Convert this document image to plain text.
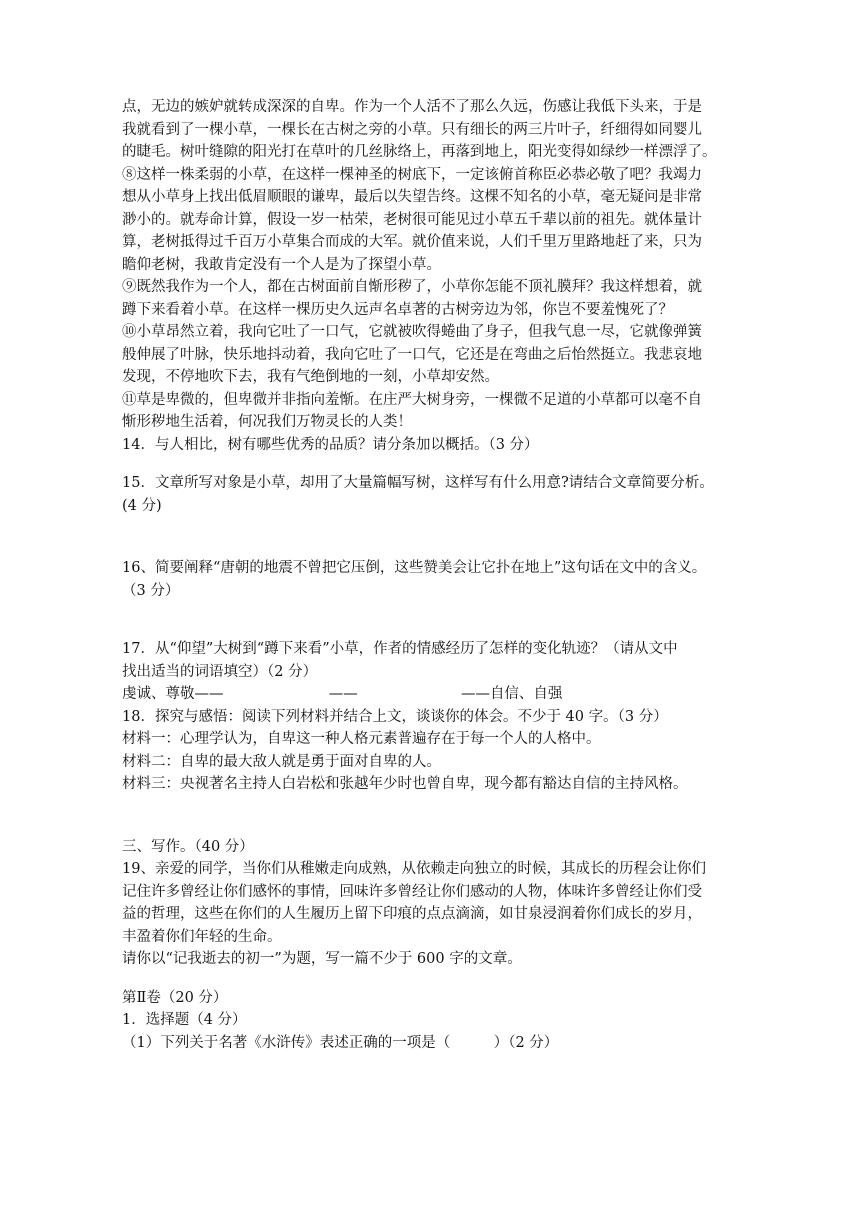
点，无边的嫉妒就转成深深的自卑。作为一个人活不了那么久远，伤感让我低下头来，于是
我就看到了一棵小草，一棵长在古树之旁的小草。只有细长的两三片叶子，纤细得如同婴儿
的睫毛。树叶缝隙的阳光打在草叶的几丝脉络上，再落到地上，阳光变得如绿纱一样漂浮了。
⑧这样一株柔弱的小草，在这样一棵神圣的树底下，一定该俯首称臣必恭必敬了吧？我竭力
想从小草身上找出低眉顺眼的谦卑，最后以失望告终。这棵不知名的小草，毫无疑问是非常
渺小的。就寿命计算，假设一岁一枯荣，老树很可能见过小草五千辈以前的祖先。就体量计
算，老树抵得过千百万小草集合而成的大军。就价值来说，人们千里万里路地赶了来，只为
瞻仰老树，我敢肯定没有一个人是为了探望小草。
⑨既然我作为一个人，都在古树面前自惭形秽了，小草你怎能不顶礼膜拜？我这样想着，就
蹲下来看着小草。在这样一棵历史久远声名卓著的古树旁边为邻，你岂不要羞愧死了？
⑩小草昂然立着，我向它吐了一口气，它就被吹得蜷曲了身子，但我气息一尽，它就像弹簧
般伸展了叶脉，快乐地抖动着，我向它吐了一口气，它还是在弯曲之后怡然挺立。我悲哀地
发现，不停地吹下去，我有气绝倒地的一刻，小草却安然。
⑪草是卑微的，但卑微并非指向羞惭。在庄严大树身旁，一棵微不足道的小草都可以毫不自
惭形秽地生活着，何况我们万物灵长的人类！
14．与人相比，树有哪些优秀的品质？请分条加以概括。（3 分）
15．文章所写对象是小草，却用了大量篇幅写树，这样写有什么用意?请结合文章简要分析。
(4 分)
16、简要阐释“唐朝的地震不曾把它压倒，这些赞美会让它扑在地上”这句话在文中的含义。
（3 分）
17．从“仰望”大树到“蹲下来看”小草，作者的情感经历了怎样的变化轨迹？（请从文中
找出适当的词语填空）（2 分）
虔诚、尊敬——	——	——自信、自强
18．探究与感悟：阅读下列材料并结合上文，谈谈你的体会。不少于 40 字。（3 分）
材料一：心理学认为，自卑这一种人格元素普遍存在于每一个人的人格中。
材料二：自卑的最大敌人就是勇于面对自卑的人。
材料三：央视著名主持人白岩松和张越年少时也曾自卑，现今都有豁达自信的主持风格。
三、写作。（40 分）
19、亲爱的同学，当你们从稚嫩走向成熟，从依赖走向独立的时候，其成长的历程会让你们
记住许多曾经让你们感怀的事情，回味许多曾经让你们感动的人物，体味许多曾经让你们受
益的哲理，这些在你们的人生履历上留下印痕的点点滴滴，如甘泉浸润着你们成长的岁月，
丰盈着你们年轻的生命。
请你以“记我逝去的初一”为题，写一篇不少于 600 字的文章。
第Ⅱ卷（20 分）
1．选择题（4 分）
（1）下列关于名著《水浒传》表述正确的一项是（　　　）（2 分）
